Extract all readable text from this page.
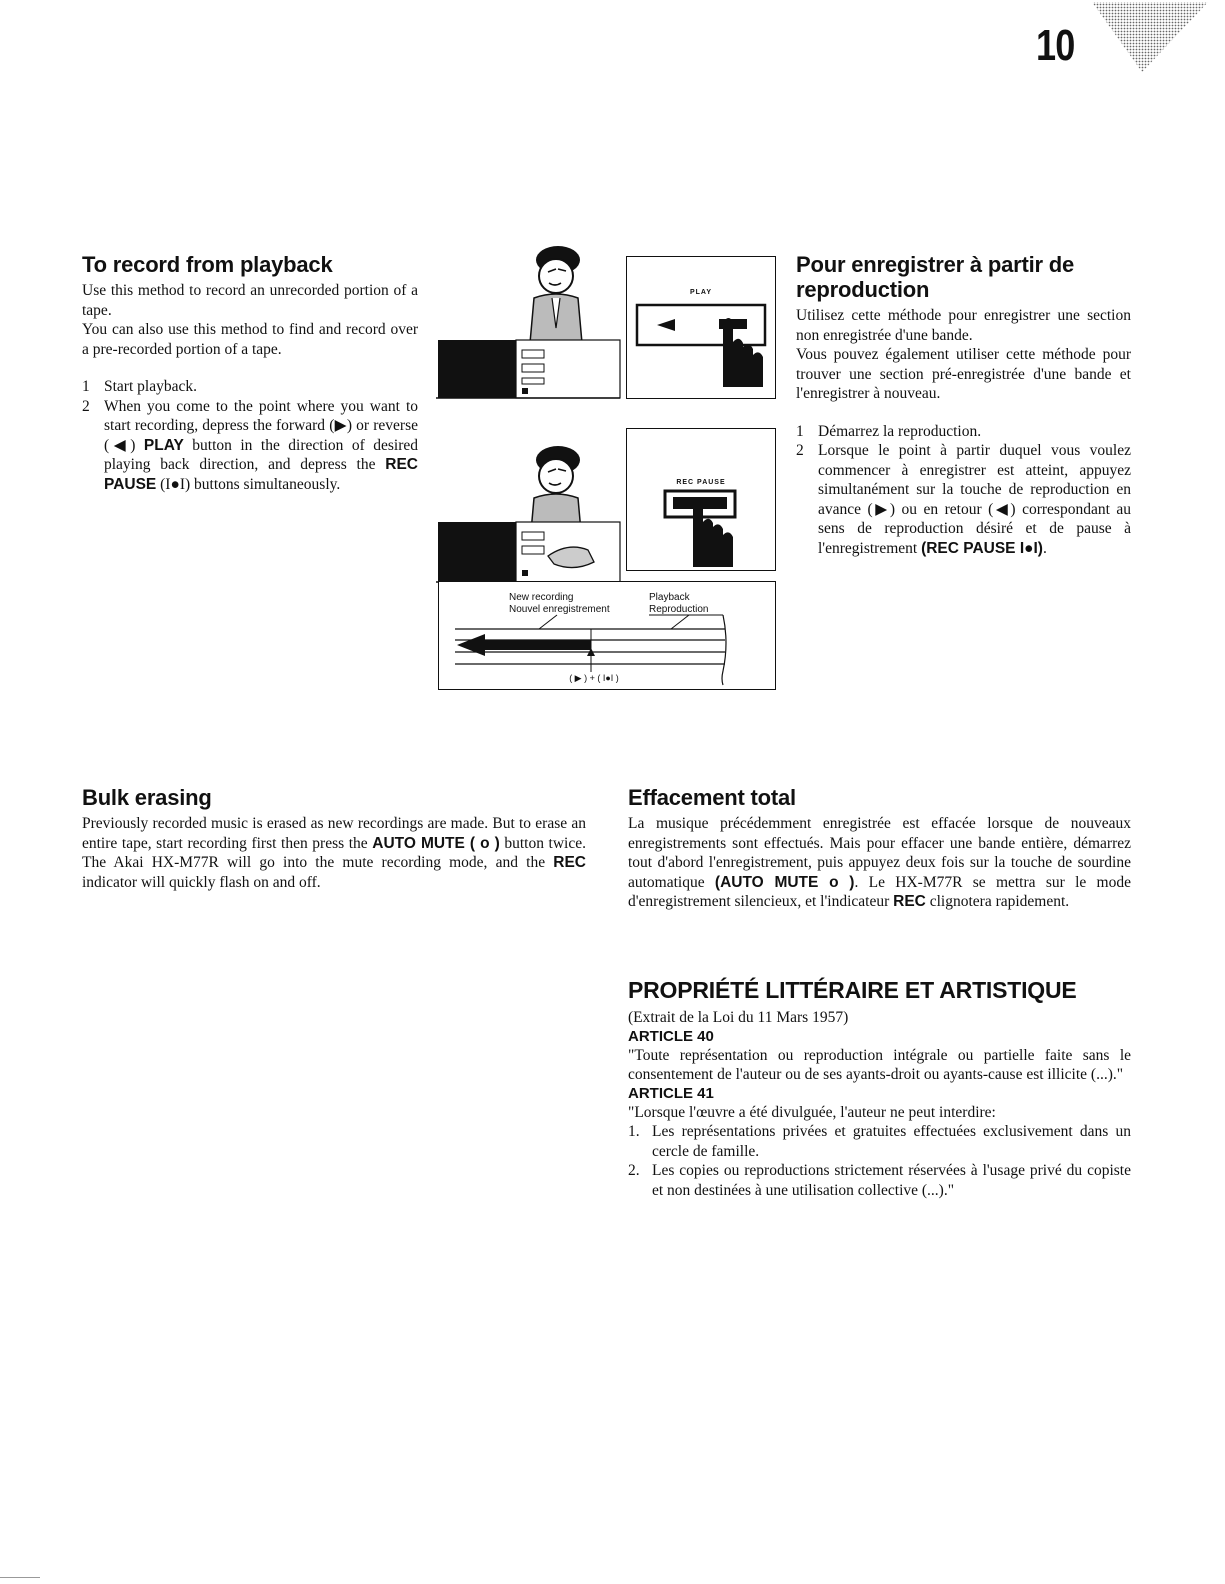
10
To record from playback

Use this method to record an unrecorded portion of a tape.

You can also use this method to find and record over a pre-recorded portion of a tape.

1 Start playback.
2 When you come to the point where you want to start recording, depress the forward (▶) or reverse (◀) PLAY button in the direction of desired playing back direction, and depress the REC PAUSE (I●I) buttons simultaneously.
PLAY
REC PAUSE
New recording
Nouvel enregistrement
Playback
Reproduction
( ▶ ) + ( I●I )
Pour enregistrer à partir de
reproduction

Utilisez cette méthode pour enregistrer une section non enregistrée d'une bande.

Vous pouvez également utiliser cette méthode pour trouver une section pré-enregistrée d'une bande et l'enregistrer à nouveau.

1 Démarrez la reproduction.
2 Lorsque le point à partir duquel vous voulez commencer à enregistrer est atteint, appuyez simultanément sur la touche de reproduction en avance (▶) ou en retour (◀) correspondant au sens de reproduction désiré et de pause à l'enregistrement (REC PAUSE I●I).
Bulk erasing

Previously recorded music is erased as new recordings are made. But to erase an entire tape, start recording first then press the AUTO MUTE ( o ) button twice. The Akai HX-M77R will go into the mute recording mode, and the REC indicator will quickly flash on and off.

Effacement total

La musique précédemment enregistrée est effacée lorsque de nouveaux enregistrements sont effectués. Mais pour effacer une bande entière, démarrez tout d'abord l'enregistrement, puis appuyez deux fois sur la touche de sourdine automatique (AUTO MUTE o ). Le HX-M77R se mettra sur le mode d'enregistrement silencieux, et l'indicateur REC clignotera rapidement.

PROPRIÉTÉ LITTÉRAIRE ET ARTISTIQUE

(Extrait de la Loi du 11 Mars 1957)

ARTICLE 40

"Toute représentation ou reproduction intégrale ou partielle faite sans le consentement de l'auteur ou de ses ayants-droit ou ayants-cause est illicite (...)."

ARTICLE 41

"Lorsque l'œuvre a été divulguée, l'auteur ne peut interdire:

1. Les représentations privées et gratuites effectuées exclusivement dans un cercle de famille.
2. Les copies ou reproductions strictement réservées à l'usage privé du copiste et non destinées à une utilisation collective (...)."
